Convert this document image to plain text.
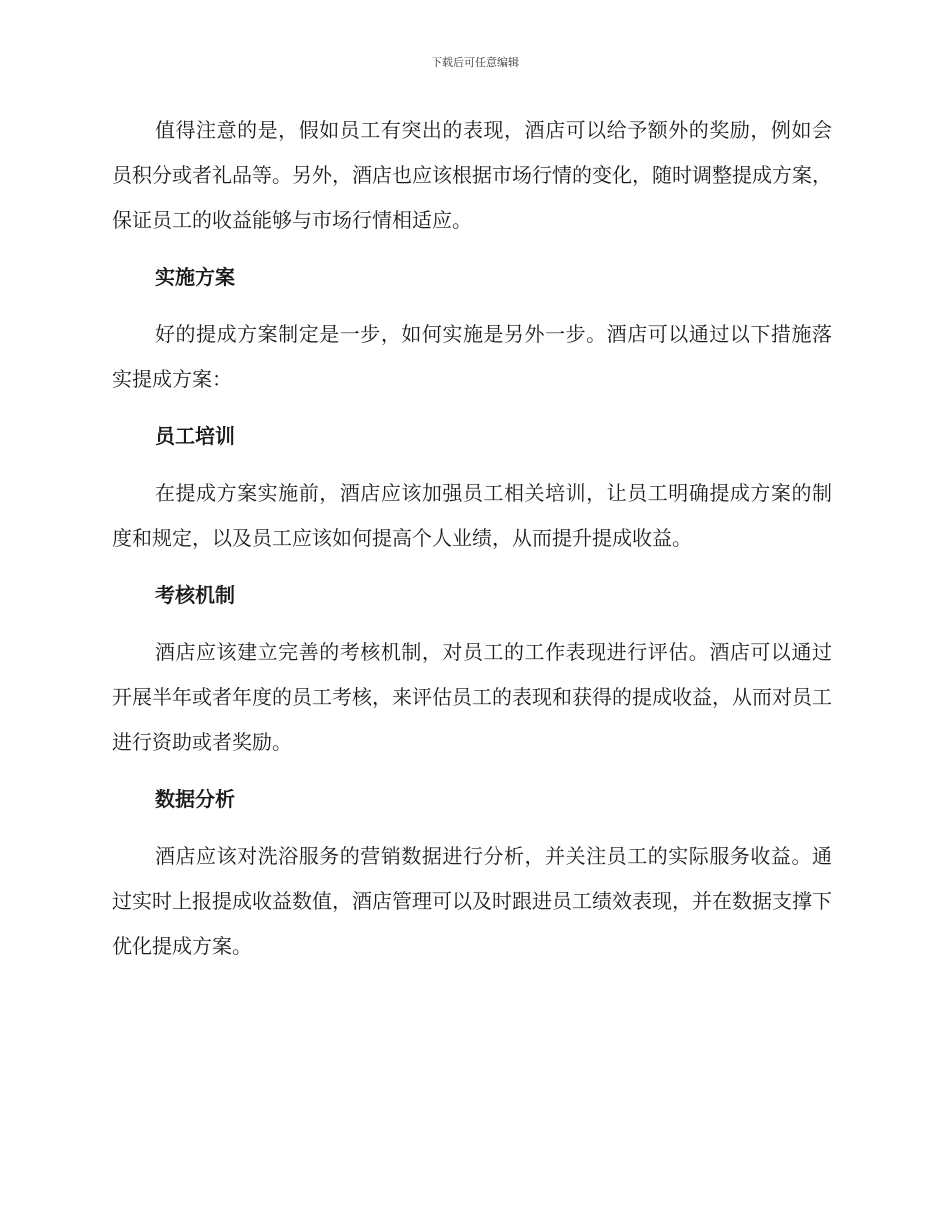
下载后可任意编辑

值得注意的是，假如员工有突出的表现，酒店可以给予额外的奖励，例如会员积分或者礼品等。另外，酒店也应该根据市场行情的变化，随时调整提成方案，保证员工的收益能够与市场行情相适应。

实施方案

好的提成方案制定是一步，如何实施是另外一步。酒店可以通过以下措施落实提成方案：

员工培训

在提成方案实施前，酒店应该加强员工相关培训，让员工明确提成方案的制度和规定，以及员工应该如何提高个人业绩，从而提升提成收益。

考核机制

酒店应该建立完善的考核机制，对员工的工作表现进行评估。酒店可以通过开展半年或者年度的员工考核，来评估员工的表现和获得的提成收益，从而对员工进行资助或者奖励。

数据分析

酒店应该对洗浴服务的营销数据进行分析，并关注员工的实际服务收益。通过实时上报提成收益数值，酒店管理可以及时跟进员工绩效表现，并在数据支撑下优化提成方案。
